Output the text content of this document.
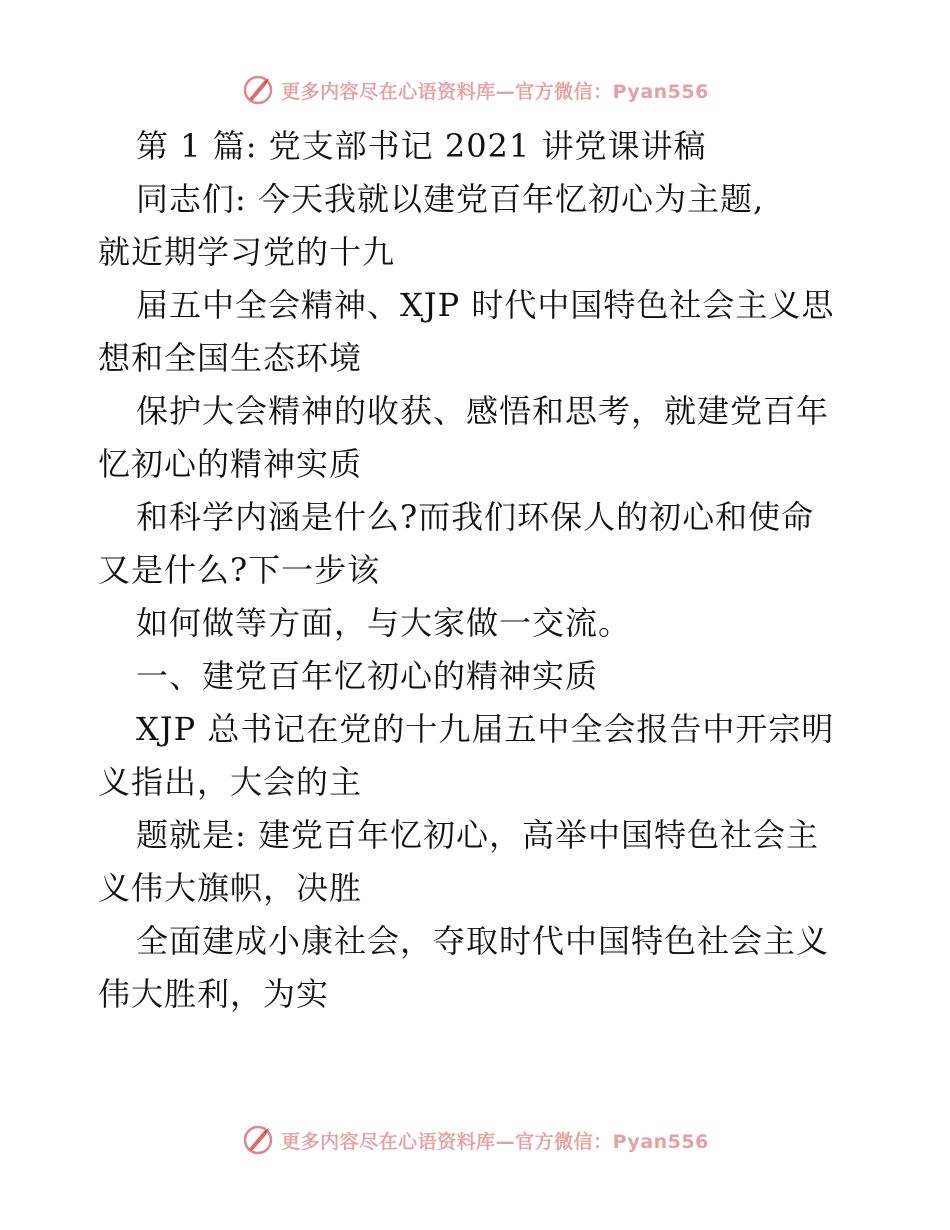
更多内容尽在心语资料库—官方微信：Pyan556
第 1 篇: 党支部书记 2021 讲党课讲稿
同志们: 今天我就以建党百年忆初心为主题,
就近期学习党的十九
届五中全会精神、XJP 时代中国特色社会主义思
想和全国生态环境
保护大会精神的收获、感悟和思考，就建党百年
忆初心的精神实质
和科学内涵是什么?而我们环保人的初心和使命
又是什么?下一步该
如何做等方面，与大家做一交流。
一、建党百年忆初心的精神实质
XJP 总书记在党的十九届五中全会报告中开宗明
义指出，大会的主
题就是: 建党百年忆初心，高举中国特色社会主
义伟大旗帜，决胜
全面建成小康社会，夺取时代中国特色社会主义
伟大胜利，为实
更多内容尽在心语资料库—官方微信：Pyan556
